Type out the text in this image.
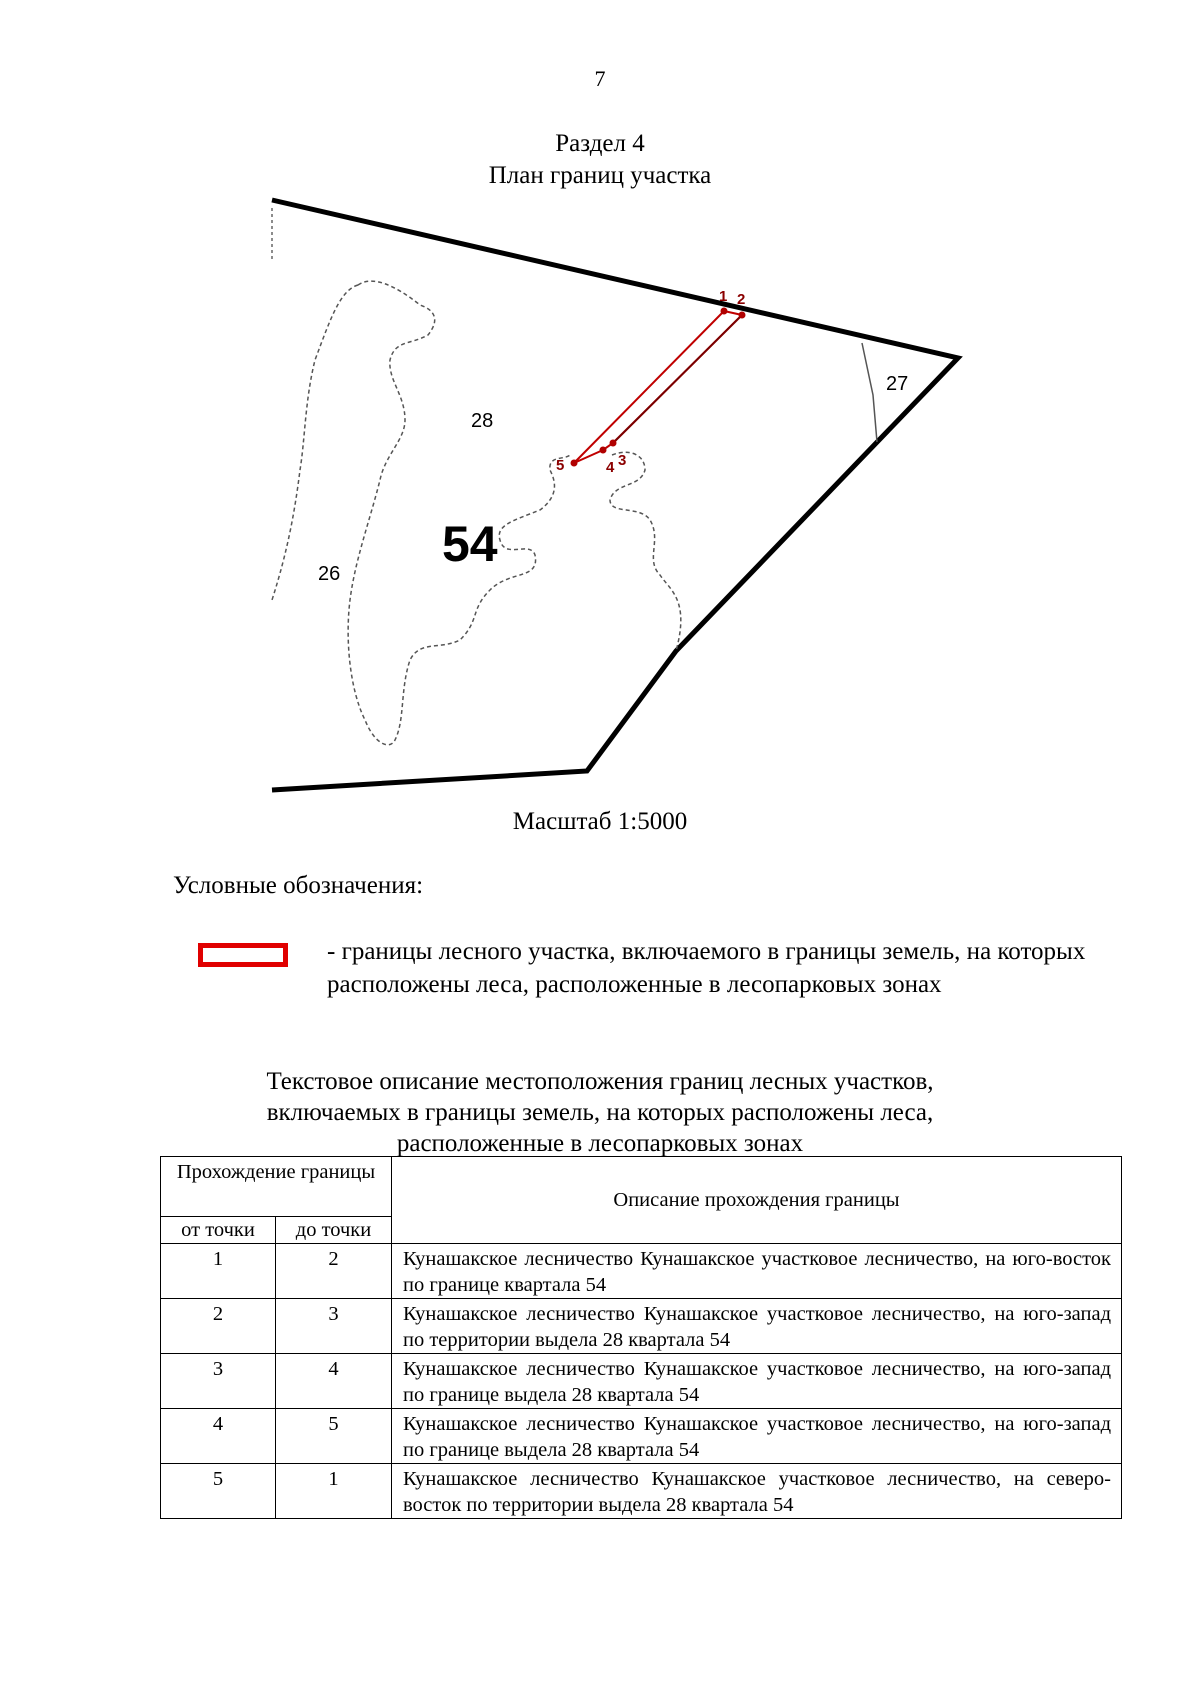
7
Раздел 4
План границ участка
1 2
3
4
5
27
28
26
54
Масштаб 1:5000
Условные обозначения:
- границы лесного участка, включаемого в границы земель, на которых расположены леса, расположенные в лесопарковых зонах
Текстовое описание местоположения границ лесных участков,
включаемых в границы земель, на которых расположены леса,
расположенные в лесопарковых зонах
Прохождение границы		Описание прохождения границы
от точки	до точки	
1	2	Кунашакское лесничество Кунашакское участковое лесничество, на юго-восток по границе квартала 54
2	3	Кунашакское лесничество Кунашакское участковое лесничество, на юго-запад по территории выдела 28 квартала 54
3	4	Кунашакское лесничество Кунашакское участковое лесничество, на юго-запад по границе выдела 28 квартала 54
4	5	Кунашакское лесничество Кунашакское участковое лесничество, на юго-запад по границе выдела 28 квартала 54
5	1	Кунашакское лесничество Кунашакское участковое лесничество, на северо-восток по территории выдела 28 квартала 54
